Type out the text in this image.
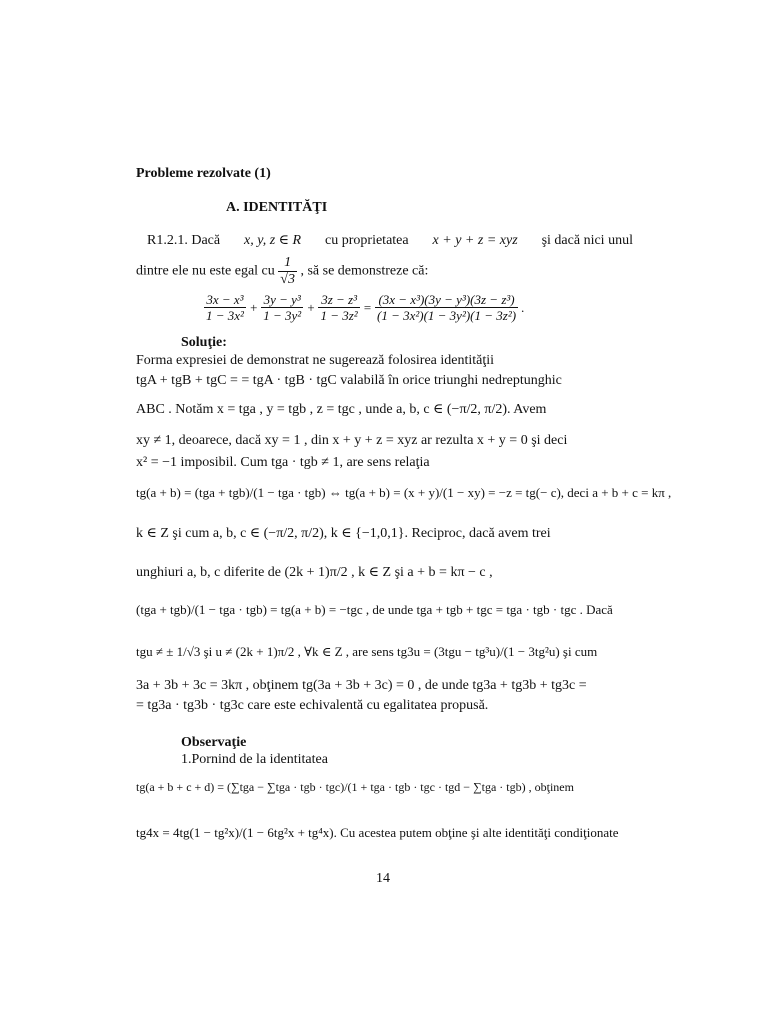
Probleme rezolvate (1)
A. IDENTITĂŢI
R1.2.1. Dacă x, y, z ∈ R cu proprietatea x + y + z = xyz şi dacă nici unul
dintre ele nu este egal cu $\frac{1}{√3}$ , să se demonstreze că:
$\frac{\text{3x − x³}}{\text{1 − 3x²}} + \frac{\text{3y − y³}}{\text{1 − 3y²}} + \frac{\text{3z − z³}}{\text{1 − 3z²}} = \frac{\text{(3x − x³)(3y − y³)(3z − z³)}}{\text{(1 − 3x²)(1 − 3y²)(1 − 3z²)}}$ .
Soluţie:
Forma expresiei de demonstrat ne sugerează folosirea identităţii
tgA + tgB + tgC = = tgA · tgB · tgC valabilă în orice triunghi nedreptunghic
ABC . Notăm x = tga , y = tgb , z = tgc , unde a, b, c ∈ (−π/2, π/2). Avem
xy ≠ 1, deoarece, dacă xy = 1 , din x + y + z = xyz ar rezulta x + y = 0 şi deci
x² = −1 imposibil. Cum tga · tgb ≠ 1, are sens relaţia
tg(a + b) = (tga + tgb)/(1 − tga · tgb) ⇔ tg(a + b) = (x + y)/(1 − xy) = −z = tg(− c), deci a + b + c = kπ ,
k ∈ Z şi cum a, b, c ∈ (−π/2, π/2), k ∈ {−1,0,1}. Reciproc, dacă avem trei
unghiuri a, b, c diferite de (2k + 1)π/2 , k ∈ Z şi a + b = kπ − c ,
(tga + tgb)/(1 − tga · tgb) = tg(a + b) = −tgc , de unde tga + tgb + tgc = tga · tgb · tgc . Dacă
tgu ≠ ± 1/√3 şi u ≠ (2k + 1)π/2 , ∀k ∈ Z , are sens tg3u = (3tgu − tg³u)/(1 − 3tg²u) şi cum
3a + 3b + 3c = 3kπ , obţinem tg(3a + 3b + 3c) = 0 , de unde tg3a + tg3b + tg3c =
= tg3a · tg3b · tg3c care este echivalentă cu egalitatea propusă.
Observaţie
1.Pornind de la identitatea
tg(a + b + c + d) = (∑tga − ∑tga · tgb · tgc)/(1 + tga · tgb · tgc · tgd − ∑tga · tgb) , obţinem
tg4x = 4tg(1 − tg²x)/(1 − 6tg²x + tg⁴x). Cu acestea putem obţine şi alte identităţi condiţionate
14
